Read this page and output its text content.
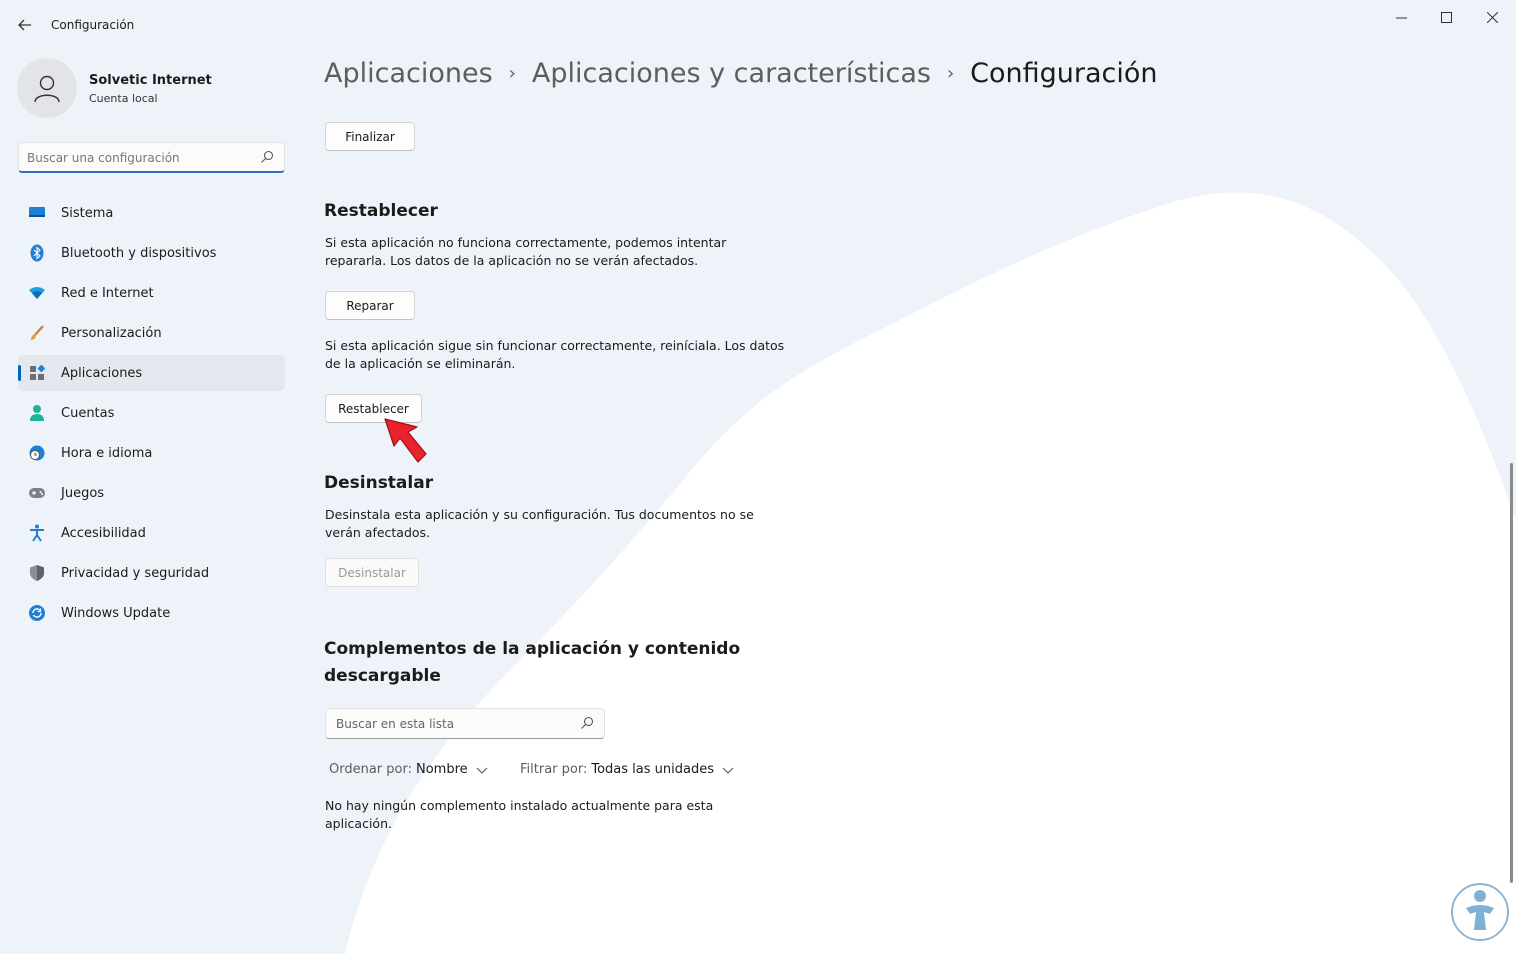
Configuración
Solvetic Internet
Cuenta local
Buscar una configuración
Sistema
Bluetooth y dispositivos
Red e Internet
Personalización
Aplicaciones
Cuentas
Hora e idioma
Juegos
Accesibilidad
Privacidad y seguridad
Windows Update
Aplicaciones › Aplicaciones y características › Configuración
Finalizar
Restablecer
Si esta aplicación no funciona correctamente, podemos intentar repararla. Los datos de la aplicación no se verán afectados.
Reparar
Si esta aplicación sigue sin funcionar correctamente, reiníciala. Los datos de la aplicación se eliminarán.
Restablecer
Desinstalar
Desinstala esta aplicación y su configuración. Tus documentos no se verán afectados.
Desinstalar
Complementos de la aplicación y contenido descargable
Buscar en esta lista
Ordenar por: Nombre	Filtrar por: Todas las unidades
No hay ningún complemento instalado actualmente para esta aplicación.
